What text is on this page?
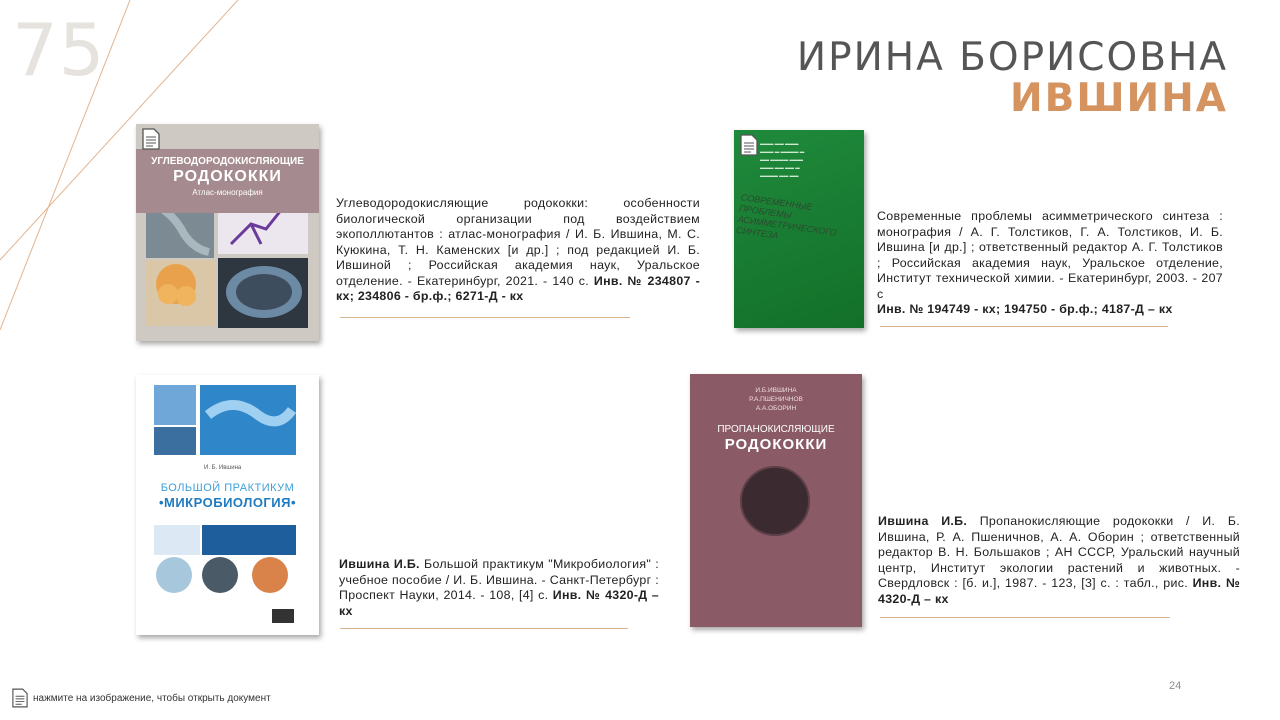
75	ИРИНА БОРИСОВНА
ИВШИНА
УГЛЕВОДОРОДОКИСЛЯЮЩИЕ
РОДОКОККИ
Атлас-монография
Углеводородокисляющие родококки: особенности биологической организации под воздействием экополлютантов : атлас-монография / И. Б. Ившина, М. С. Куюкина, Т. Н. Каменских [и др.] ; под редакцией И. Б. Ившиной ; Российская академия наук, Уральское отделение. - Екатеринбург, 2021. - 140 с. Инв. № 234807 - кх; 234806 - бр.ф.; 6271-Д - кх
▬▬▬ ▬▬ ▬▬▬
▬▬▬ ▬ ▬▬▬▬ ▬
▬▬ ▬▬▬▬ ▬▬▬
▬▬▬ ▬▬ ▬▬ ▬
▬▬▬▬ ▬▬ ▬▬
СОВРЕМЕННЫЕ ПРОБЛЕМЫ АСИММЕТРИЧЕСКОГО СИНТЕЗА
Современные проблемы асимметрического синтеза : монография / А. Г. Толстиков, Г. А. Толстиков, И. Б. Ившина [и др.] ; ответственный редактор А. Г. Толстиков ; Российская академия наук, Уральское отделение, Институт технической химии. - Екатеринбург, 2003. - 207 с
Инв. № 194749 - кх; 194750 - бр.ф.; 4187-Д – кх
И. Б. Ившина
БОЛЬШОЙ ПРАКТИКУМ
•МИКРОБИОЛОГИЯ•
Ившина И.Б. Большой практикум "Микробиология" : учебное пособие / И. Б. Ившина. - Санкт-Петербург : Проспект Науки, 2014. - 108, [4] с. Инв. № 4320-Д – кх
И.Б.ИВШИНА
Р.А.ПШЕНИЧНОВ
А.А.ОБОРИН
ПРОПАНОКИСЛЯЮЩИЕ
РОДОКОККИ
Ившина И.Б. Пропанокисляющие родококки / И. Б. Ившина, Р. А. Пшеничнов, А. А. Оборин ; ответственный редактор В. Н. Большаков ; АН СССР, Уральский научный центр, Институт экологии растений и животных. - Свердловск : [б. и.], 1987. - 123, [3] с. : табл., рис. Инв. № 4320-Д – кх
нажмите на изображение, чтобы открыть документ
24
